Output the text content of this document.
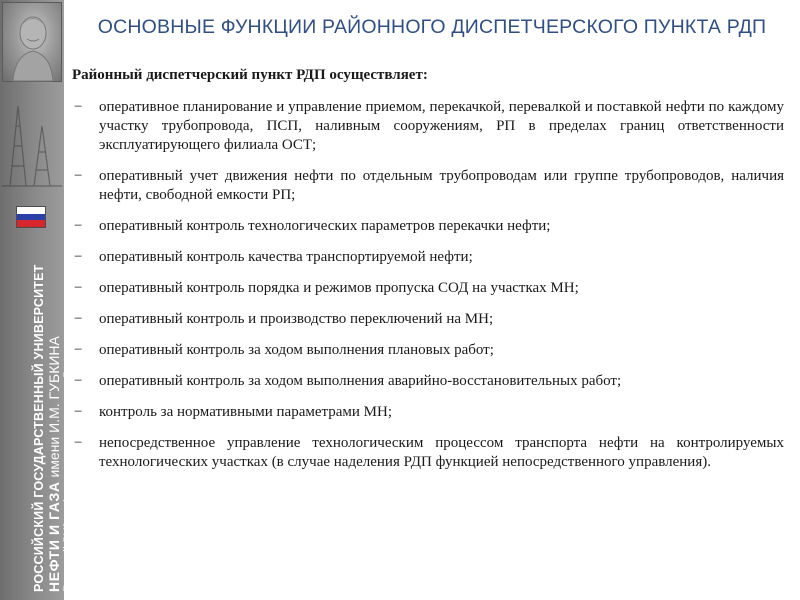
РОССИЙСКИЙ ГОСУДАРСТВЕННЫЙ УНИВЕРСИТЕТ НЕФТИ И ГАЗА имени И.М. ГУБКИНА Базовый ВУЗ нефтегазового комплекса России
ОСНОВНЫЕ ФУНКЦИИ РАЙОННОГО ДИСПЕТЧЕРСКОГО ПУНКТА РДП
Районный диспетчерский пункт РДП осуществляет:
− оперативное планирование и управление приемом, перекачкой, перевалкой и поставкой нефти по каждому участку трубопровода, ПСП, наливным сооружениям, РП в пределах границ ответственности эксплуатирующего филиала ОСТ;
− оперативный учет движения нефти по отдельным трубопроводам или группе трубопроводов, наличия нефти, свободной емкости РП;
− оперативный контроль технологических параметров перекачки нефти;
− оперативный контроль качества транспортируемой нефти;
− оперативный контроль порядка и режимов пропуска СОД на участках МН;
− оперативный контроль и производство переключений на МН;
− оперативный контроль за ходом выполнения плановых работ;
− оперативный контроль за ходом выполнения аварийно-восстановительных работ;
− контроль за нормативными параметрами МН;
− непосредственное управление технологическим процессом транспорта нефти на контролируемых технологических участках (в случае наделения РДП функцией непосредственного управления).
